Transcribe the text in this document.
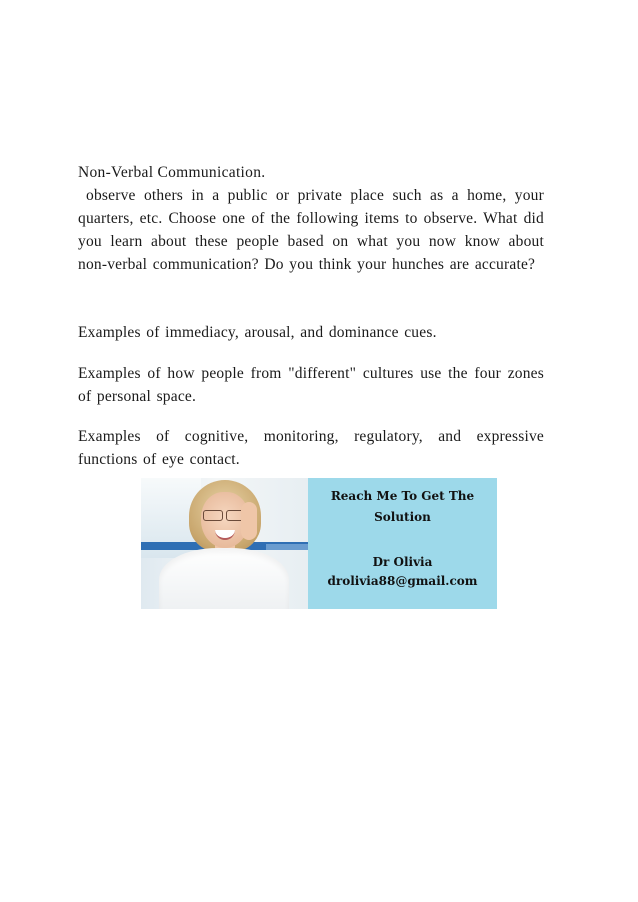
Non-Verbal Communication.
observe others in a public or private place such as a home, your quarters, etc. Choose one of the following items to observe. What did you learn about these people based on what you now know about non-verbal communication? Do you think your hunches are accurate?
Examples of immediacy, arousal, and dominance cues.
Examples of how people from "different" cultures use the four zones of personal space.
Examples of cognitive, monitoring, regulatory, and expressive functions of eye contact.
Reach Me To Get The
Solution
Dr Olivia
drolivia88@gmail.com
